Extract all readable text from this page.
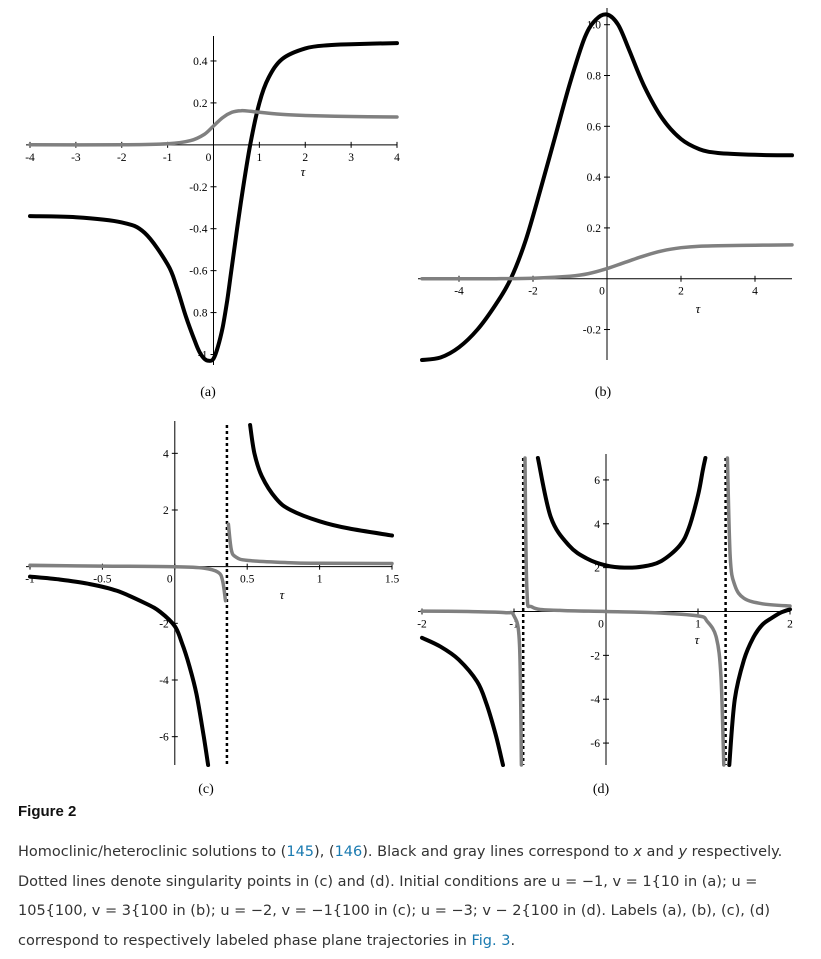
-4	-3	-2	-1	0	1	2	3	4
0.4
0.2
-0.2
-0.4
-0.6
0.8
-1
τ
-4	-2	0	2	4
1.0
0.8
0.6
0.4
0.2
-0.2
τ
-1	-0.5	0	0.5	1	1.5
4
2
-2
-4
-6
τ
-2	-1	0	1	2
6
4
2
-2
-4
-6
τ
(a)	(b)
(c)	(d)
Figure 2
Homoclinic/heteroclinic solutions to (145), (146). Black and gray lines correspond to x and y respectively. Dotted lines denote singularity points in (c) and (d). Initial conditions are u = −1, v = 1{10 in (a); u = 105{100, v = 3{100 in (b); u = −2, v = −1{100 in (c); u = −3; v − 2{100 in (d). Labels (a), (b), (c), (d) correspond to respectively labeled phase plane trajectories in Fig. 3.
